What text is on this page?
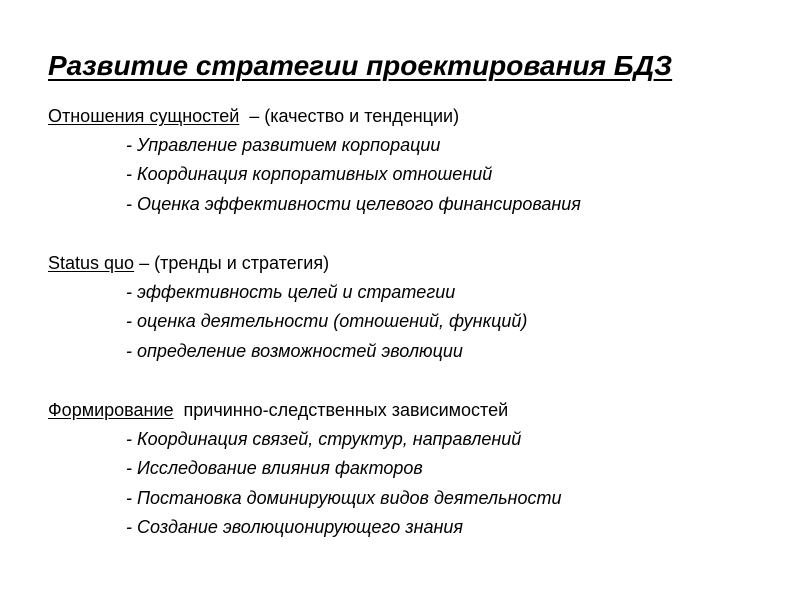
Развитие стратегии проектирования БДЗ
Отношения сущностей  – (качество и тенденции)
- Управление развитием корпорации
- Координация корпоративных отношений
- Оценка эффективности целевого финансирования
Status quo – (тренды и стратегия)
- эффективность целей и стратегии
- оценка деятельности (отношений, функций)
- определение возможностей эволюции
Формирование  причинно-следственных зависимостей
- Координация связей, структур, направлений
- Исследование влияния факторов
- Постановка доминирующих видов деятельности
- Создание эволюционирующего знания
